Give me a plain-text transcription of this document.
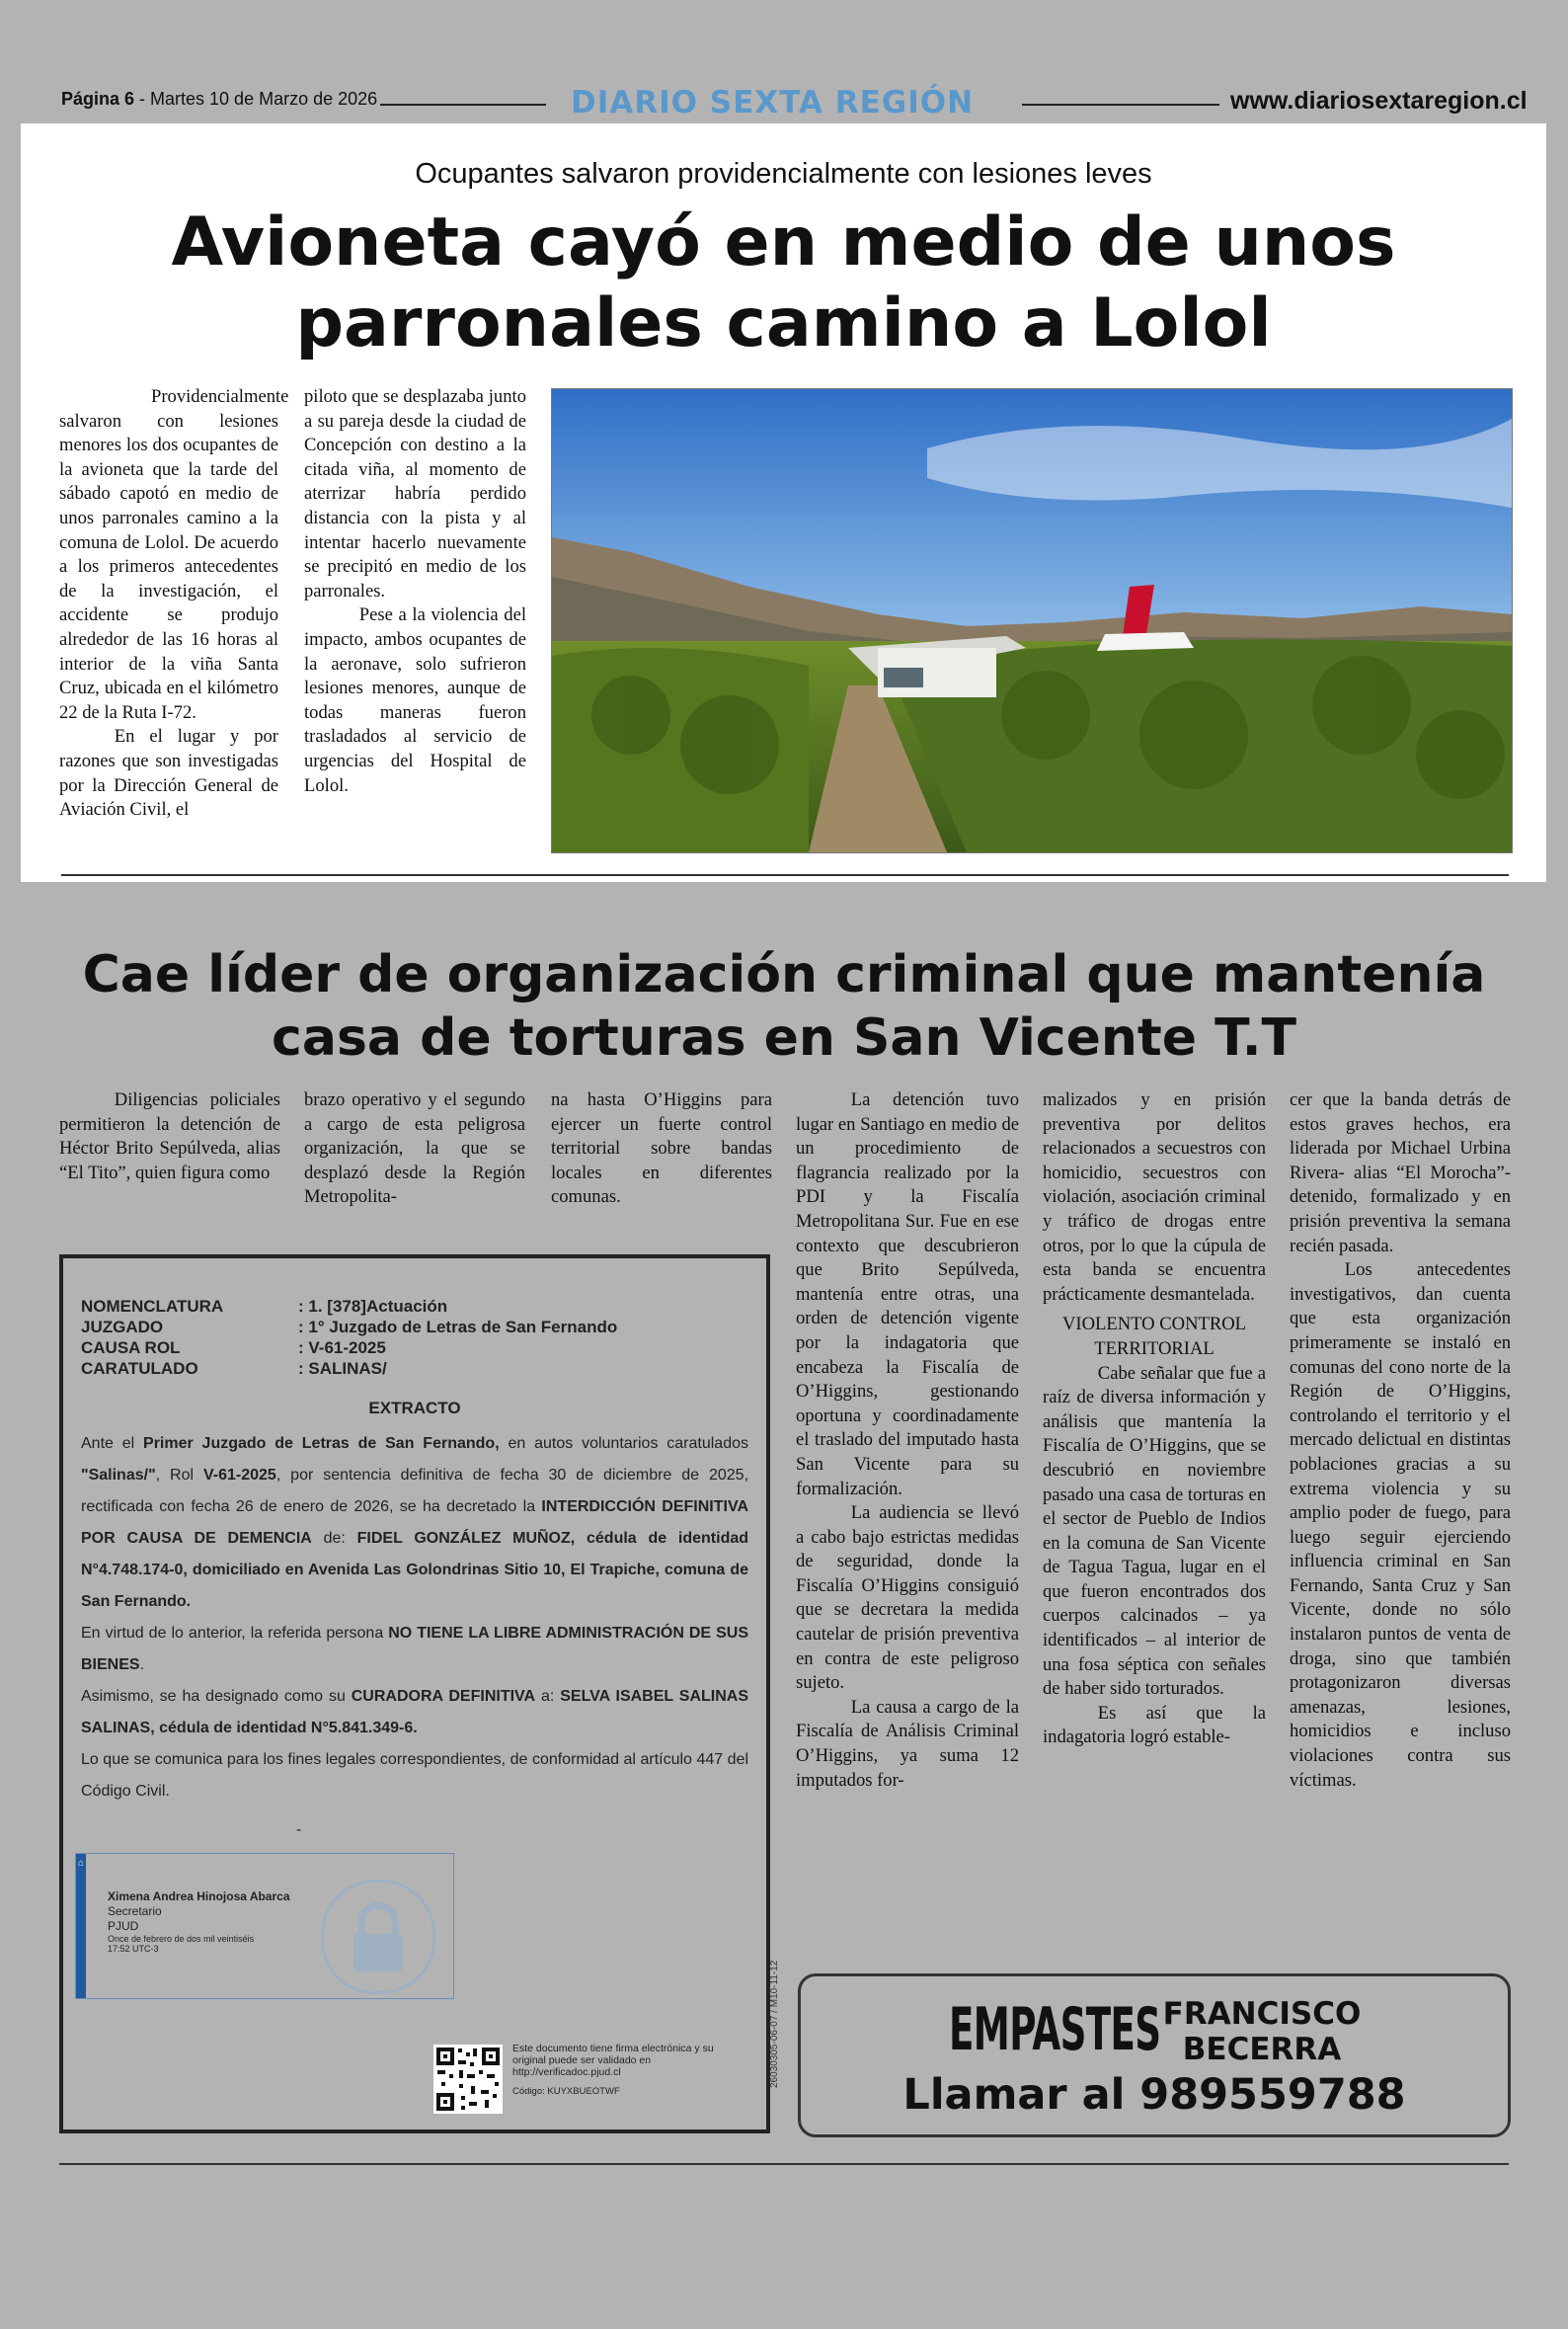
Página 6 - Martes 10 de Marzo de 2026	DIARIO SEXTA REGIÓN	www.diariosextaregion.cl
Ocupantes salvaron providencialmente con lesiones leves
Avioneta cayó en medio de unos parronales camino a Lolol

Providencialmente salvaron con lesiones menores los dos ocupantes de la avioneta que la tarde del sábado capotó en medio de unos parronales camino a la comuna de Lolol. De acuerdo a los primeros antecedentes de la investigación, el accidente se produjo alrededor de las 16 horas al interior de la viña Santa Cruz, ubicada en el kilómetro 22 de la Ruta I-72.

En el lugar y por razones que son investigadas por la Dirección General de Aviación Civil, el

piloto que se desplazaba junto a su pareja desde la ciudad de Concepción con destino a la citada viña, al momento de aterrizar habría perdido distancia con la pista y al intentar hacerlo nuevamente se precipitó en medio de los parronales.

Pese a la violencia del impacto, ambos ocupantes de la aeronave, solo sufrieron lesiones menores, aunque de todas maneras fueron trasladados al servicio de urgencias del Hospital de Lolol.

Cae líder de organización criminal que mantenía casa de torturas en San Vicente T.T

Diligencias policiales permitieron la detención de Héctor Brito Sepúlveda, alias “El Tito”, quien figura como

brazo operativo y el segundo a cargo de esta peligrosa organización, la que se desplazó desde la Región Metropolita-

na hasta O’Higgins para ejercer un fuerte control territorial sobre bandas locales en diferentes comunas.

La detención tuvo lugar en Santiago en medio de un procedimiento de flagrancia realizado por la PDI y la Fiscalía Metropolitana Sur. Fue en ese contexto que descubrieron que Brito Sepúlveda, mantenía entre otras, una orden de detención vigente por la indagatoria que encabeza la Fiscalía de O’Higgins, gestionando oportuna y coordinadamente el traslado del imputado hasta San Vicente para su formalización.

La audiencia se llevó a cabo bajo estrictas medidas de seguridad, donde la Fiscalía O’Higgins consiguió que se decretara la medida cautelar de prisión preventiva en contra de este peligroso sujeto.

La causa a cargo de la Fiscalía de Análisis Criminal O’Higgins, ya suma 12 imputados for-

malizados y en prisión preventiva por delitos relacionados a secuestros con homicidio, secuestros con violación, asociación criminal y tráfico de drogas entre otros, por lo que la cúpula de esta banda se encuentra prácticamente desmantelada.

VIOLENTO CONTROL TERRITORIAL

Cabe señalar que fue a raíz de diversa información y análisis que mantenía la Fiscalía de O’Higgins, que se descubrió en noviembre pasado una casa de torturas en el sector de Pueblo de Indios en la comuna de San Vicente de Tagua Tagua, lugar en el que fueron encontrados dos cuerpos calcinados – ya identificados – al interior de una fosa séptica con señales de haber sido torturados.

Es así que la indagatoria logró estable-

cer que la banda detrás de estos graves hechos, era liderada por Michael Urbina Rivera- alias “El Morocha”- detenido, formalizado y en prisión preventiva la semana recién pasada.

Los antecedentes investigativos, dan cuenta que esta organización primeramente se instaló en comunas del cono norte de la Región de O’Higgins, controlando el territorio y el mercado delictual en distintas poblaciones gracias a su extrema violencia y su amplio poder de fuego, para luego seguir ejerciendo influencia criminal en San Fernando, Santa Cruz y San Vicente, donde no sólo instalaron puntos de venta de droga, sino que también protagonizaron diversas amenazas, lesiones, homicidios e incluso violaciones contra sus víctimas.

NOMENCLATURA	: 1. [378]Actuación
JUZGADO	: 1° Juzgado de Letras de San Fernando
CAUSA ROL	: V-61-2025
CARATULADO	: SALINAS/
EXTRACTO

Ante el Primer Juzgado de Letras de San Fernando, en autos voluntarios caratulados "Salinas/", Rol V-61-2025, por sentencia definitiva de fecha 30 de diciembre de 2025, rectificada con fecha 26 de enero de 2026, se ha decretado la INTERDICCIÓN DEFINITIVA POR CAUSA DE DEMENCIA de: FIDEL GONZÁLEZ MUÑOZ, cédula de identidad N°4.748.174-0, domiciliado en Avenida Las Golondrinas Sitio 10, El Trapiche, comuna de San Fernando.

En virtud de lo anterior, la referida persona NO TIENE LA LIBRE ADMINISTRACIÓN DE SUS BIENES.

Asimismo, se ha designado como su CURADORA DEFINITIVA a: SELVA ISABEL SALINAS SALINAS, cédula de identidad N°5.841.349-6.

Lo que se comunica para los fines legales correspondientes, de conformidad al artículo 447 del Código Civil.

-
⌂
Ximena Andrea Hinojosa Abarca
Secretario
PJUD
Once de febrero de dos mil veintiséis
17:52 UTC-3
Este documento tiene firma electrónica y su original puede ser validado en http://verificadoc.pjud.cl
Código: KUYXBUEOTWF
26030305-06-07 / M10-11-12	EMPASTES FRANCISCO
BECERRA
Llamar al 989559788
